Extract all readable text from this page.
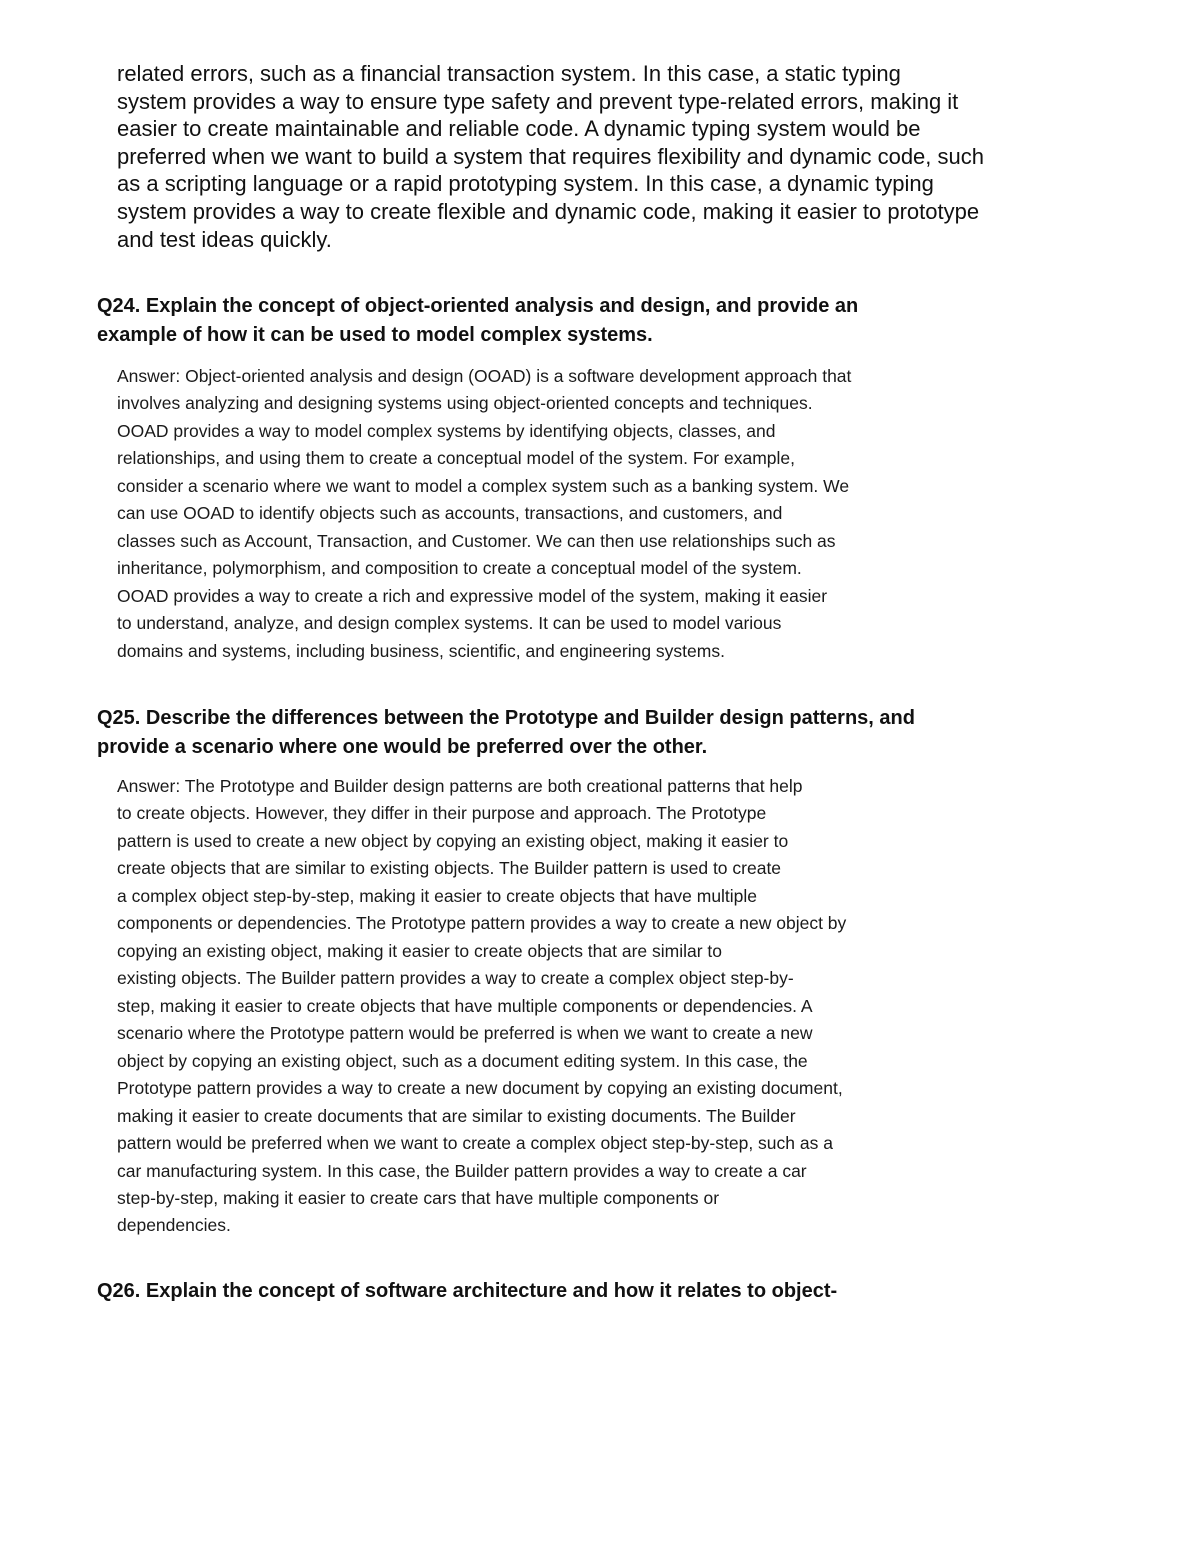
related errors, such as a financial transaction system. In this case, a static typing

system provides a way to ensure type safety and prevent type-related errors, making it

easier to create maintainable and reliable code. A dynamic typing system would be

preferred when we want to build a system that requires flexibility and dynamic code, such

as a scripting language or a rapid prototyping system. In this case, a dynamic typing

system provides a way to create flexible and dynamic code, making it easier to prototype

and test ideas quickly.

Q24. Explain the concept of object-oriented analysis and design, and provide an

example of how it can be used to model complex systems.

Answer: Object-oriented analysis and design (OOAD) is a software development approach that

involves analyzing and designing systems using object-oriented concepts and techniques.

OOAD provides a way to model complex systems by identifying objects, classes, and

relationships, and using them to create a conceptual model of the system. For example,

consider a scenario where we want to model a complex system such as a banking system. We

can use OOAD to identify objects such as accounts, transactions, and customers, and

classes such as Account, Transaction, and Customer. We can then use relationships such as

inheritance, polymorphism, and composition to create a conceptual model of the system.

OOAD provides a way to create a rich and expressive model of the system, making it easier

to understand, analyze, and design complex systems. It can be used to model various

domains and systems, including business, scientific, and engineering systems.

Q25. Describe the differences between the Prototype and Builder design patterns, and

provide a scenario where one would be preferred over the other.

Answer: The Prototype and Builder design patterns are both creational patterns that help

to create objects. However, they differ in their purpose and approach. The Prototype

pattern is used to create a new object by copying an existing object, making it easier to

create objects that are similar to existing objects. The Builder pattern is used to create

a complex object step-by-step, making it easier to create objects that have multiple

components or dependencies. The Prototype pattern provides a way to create a new object by

copying an existing object, making it easier to create objects that are similar to

existing objects. The Builder pattern provides a way to create a complex object step-by-

step, making it easier to create objects that have multiple components or dependencies. A

scenario where the Prototype pattern would be preferred is when we want to create a new

object by copying an existing object, such as a document editing system. In this case, the

Prototype pattern provides a way to create a new document by copying an existing document,

making it easier to create documents that are similar to existing documents. The Builder

pattern would be preferred when we want to create a complex object step-by-step, such as a

car manufacturing system. In this case, the Builder pattern provides a way to create a car

step-by-step, making it easier to create cars that have multiple components or

dependencies.

Q26. Explain the concept of software architecture and how it relates to object-
